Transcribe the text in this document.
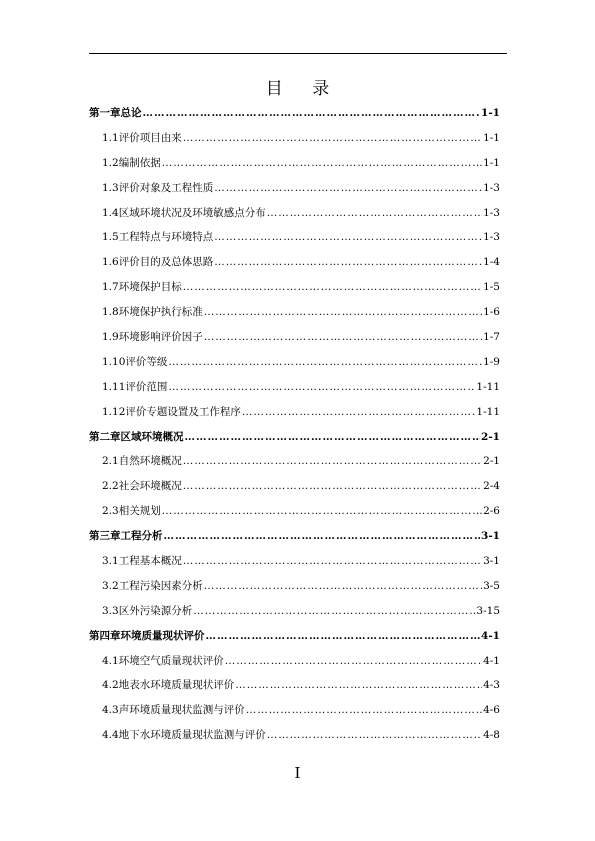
目 录
第一章 总论 ……………………………………………………………………………………………………………………………………………………………………………………………………	1-1
1.1 评价项目由来 ……………………………………………………………………………………………………………………………………………………………………………………………………	1-1
1.2 编制依据 ……………………………………………………………………………………………………………………………………………………………………………………………………	1-1
1.3 评价对象及工程性质 ……………………………………………………………………………………………………………………………………………………………………………………………………	1-3
1.4 区域环境状况及环境敏感点分布 ……………………………………………………………………………………………………………………………………………………………………………………………………	1-3
1.5 工程特点与环境特点 ……………………………………………………………………………………………………………………………………………………………………………………………………	1-3
1.6 评价目的及总体思路 ……………………………………………………………………………………………………………………………………………………………………………………………………	1-4
1.7 环境保护目标 ……………………………………………………………………………………………………………………………………………………………………………………………………	1-5
1.8 环境保护执行标准 ……………………………………………………………………………………………………………………………………………………………………………………………………	1-6
1.9 环境影响评价因子 ……………………………………………………………………………………………………………………………………………………………………………………………………	1-7
1.10 评价等级 ……………………………………………………………………………………………………………………………………………………………………………………………………	1-9
1.11 评价范围 ……………………………………………………………………………………………………………………………………………………………………………………………………	1-11
1.12 评价专题设置及工作程序 ……………………………………………………………………………………………………………………………………………………………………………………………………	1-11
第二章 区域环境概况 ……………………………………………………………………………………………………………………………………………………………………………………………………	2-1
2.1 自然环境概况 ……………………………………………………………………………………………………………………………………………………………………………………………………	2-1
2.2 社会环境概况 ……………………………………………………………………………………………………………………………………………………………………………………………………	2-4
2.3 相关规划 ……………………………………………………………………………………………………………………………………………………………………………………………………	2-6
第三章 工程分析 ……………………………………………………………………………………………………………………………………………………………………………………………………	3-1
3.1 工程基本概况 ……………………………………………………………………………………………………………………………………………………………………………………………………	3-1
3.2 工程污染因素分析 ……………………………………………………………………………………………………………………………………………………………………………………………………	3-5
3.3 区外污染源分析 ……………………………………………………………………………………………………………………………………………………………………………………………………	3-15
第四章 环境质量现状评价 ……………………………………………………………………………………………………………………………………………………………………………………………………	4-1
4.1 环境空气质量现状评价 ……………………………………………………………………………………………………………………………………………………………………………………………………	4-1
4.2 地表水环境质量现状评价 ……………………………………………………………………………………………………………………………………………………………………………………………………	4-3
4.3 声环境质量现状监测与评价 ……………………………………………………………………………………………………………………………………………………………………………………………………	4-6
4.4 地下水环境质量现状监测与评价 ……………………………………………………………………………………………………………………………………………………………………………………………………	4-8
I
